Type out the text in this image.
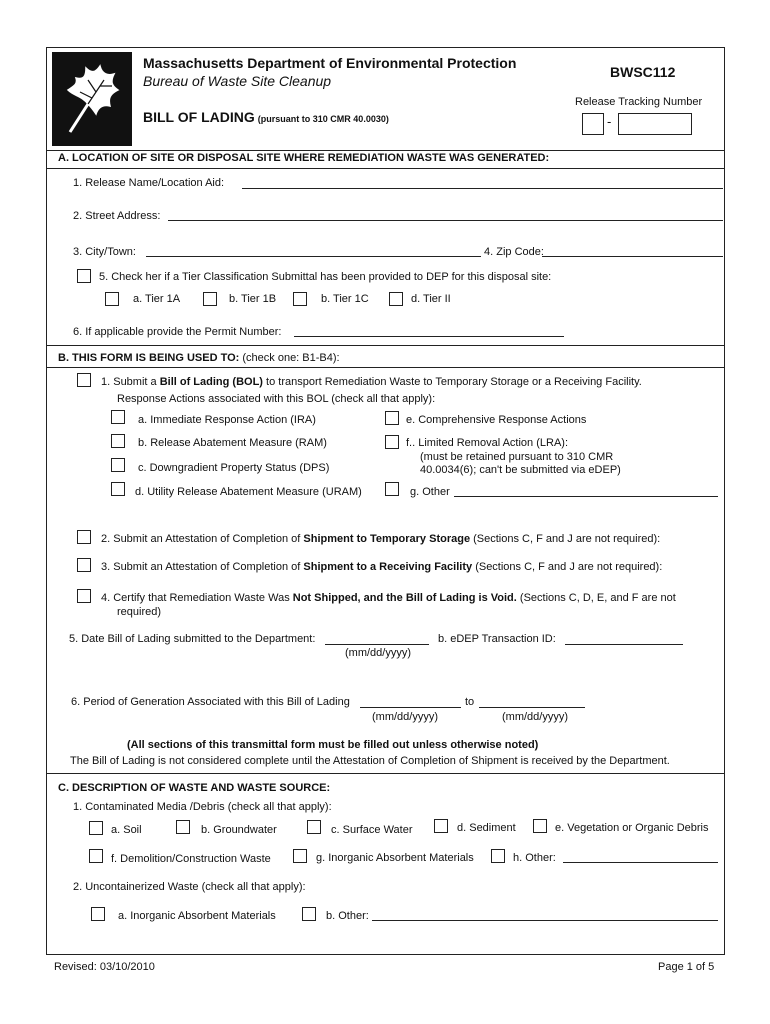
Massachusetts Department of Environmental Protection
Bureau of Waste Site Cleanup
BILL OF LADING (pursuant to 310 CMR 40.0030)
BWSC112
Release Tracking Number
-
A. LOCATION OF SITE OR DISPOSAL SITE WHERE REMEDIATION WASTE WAS GENERATED:
1. Release Name/Location Aid:
2. Street Address:
3. City/Town:	4. Zip Code:
5. Check her if a Tier Classification Submittal has been provided to DEP for this disposal site:
a. Tier 1A	b. Tier 1B	b. Tier 1C	d. Tier II
6. If applicable provide the Permit Number:
B. THIS FORM IS BEING USED TO: (check one: B1-B4):
1. Submit a Bill of Lading (BOL) to transport Remediation Waste to Temporary Storage or a Receiving Facility.
Response Actions associated with this BOL (check all that apply):
a. Immediate Response Action (IRA)	e. Comprehensive Response Actions
b. Release Abatement Measure (RAM)	f.. Limited Removal Action (LRA):
(must be retained pursuant to 310 CMR
40.0034(6); can't be submitted via eDEP)
c. Downgradient Property Status (DPS)
d. Utility Release Abatement Measure (URAM)	g. Other
2. Submit an Attestation of Completion of Shipment to Temporary Storage (Sections C, F and J are not required):
3. Submit an Attestation of Completion of Shipment to a Receiving Facility (Sections C, F and J are not required):
4. Certify that Remediation Waste Was Not Shipped, and the Bill of Lading is Void. (Sections C, D, E, and F are not
required)
5. Date Bill of Lading submitted to the Department:
(mm/dd/yyyy)
b. eDEP Transaction ID:
6. Period of Generation Associated with this Bill of Lading	to
(mm/dd/yyyy)	(mm/dd/yyyy)
(All sections of this transmittal form must be filled out unless otherwise noted)
The Bill of Lading is not considered complete until the Attestation of Completion of Shipment is received by the Department.
C. DESCRIPTION OF WASTE AND WASTE SOURCE:
1. Contaminated Media /Debris (check all that apply):
a. Soil	b. Groundwater	c. Surface Water	d. Sediment	e. Vegetation or Organic Debris
f. Demolition/Construction Waste	g. Inorganic Absorbent Materials	h. Other:
2. Uncontainerized Waste (check all that apply):
a. Inorganic Absorbent Materials	b. Other:
Revised: 03/10/2010	Page 1 of 5
